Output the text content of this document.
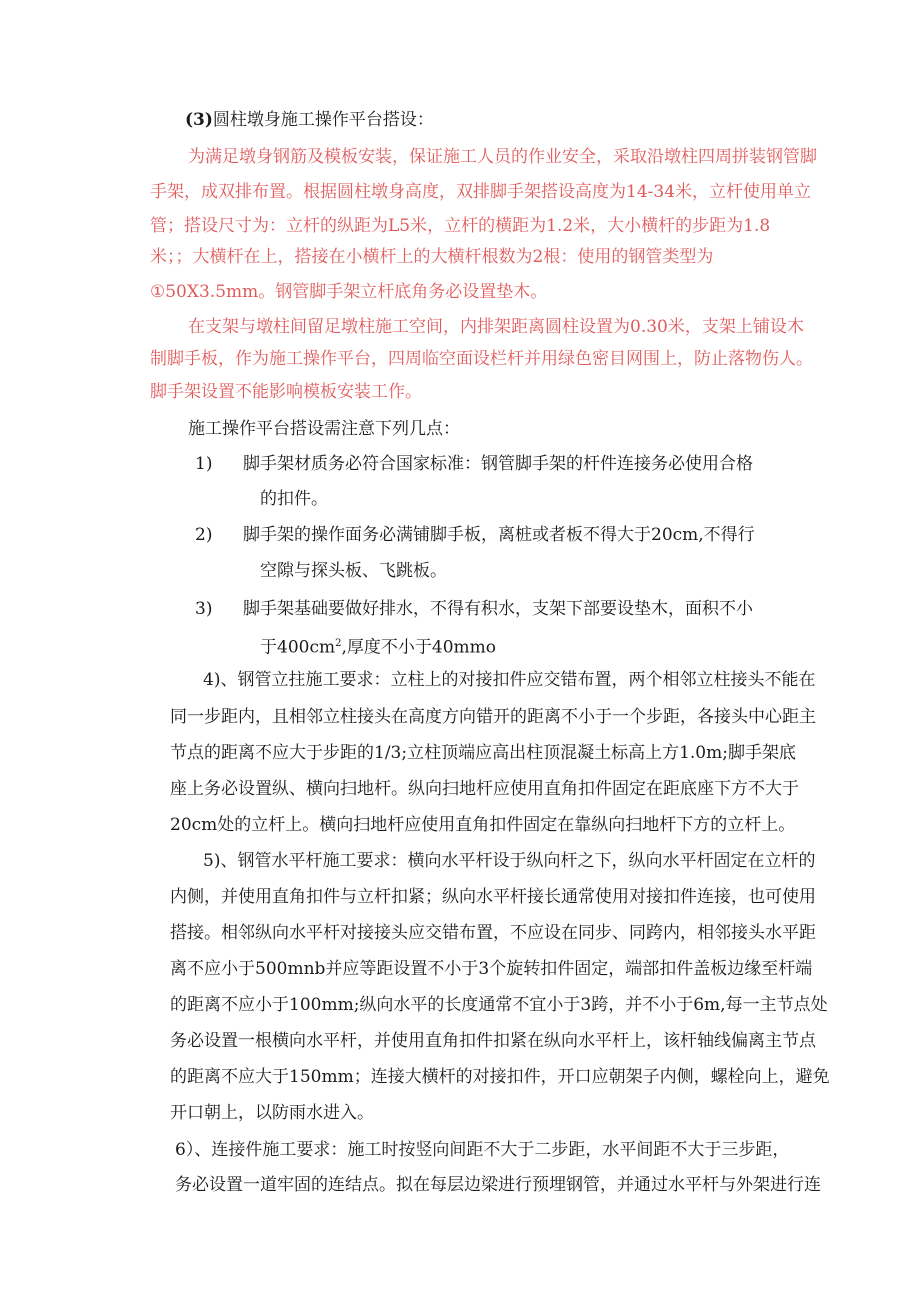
(3)圆柱墩身施工操作平台搭设：
为满足墩身钢筋及模板安装，保证施工人员的作业安全，采取沿墩柱四周拼装钢管脚
手架，成双排布置。根据圆柱墩身高度，双排脚手架搭设高度为14-34米，立杆使用单立
管；搭设尺寸为：立杆的纵距为L5米，立杆的横距为1.2米，大小横杆的步距为1.8
米；；大横杆在上，搭接在小横杆上的大横杆根数为2根：使用的钢管类型为
①50X3.5mm。钢管脚手架立杆底角务必设置垫木。
在支架与墩柱间留足墩柱施工空间，内排架距离圆柱设置为0.30米，支架上铺设木
制脚手板，作为施工操作平台，四周临空面设栏杆并用绿色密目网围上，防止落物伤人。
脚手架设置不能影响模板安装工作。
施工操作平台搭设需注意下列几点：
1) 脚手架材质务必符合国家标准：钢管脚手架的杆件连接务必使用合格
的扣件。
2) 脚手架的操作面务必满铺脚手板，离桩或者板不得大于20cm,不得行
空隙与探头板、飞跳板。
3) 脚手架基础要做好排水，不得有积水，支架下部要设垫木，面积不小
于$400cm^2$,厚度不小于40mmo
4)、钢管立拄施工要求：立柱上的对接扣件应交错布置，两个相邻立柱接头不能在
同一步距内，且相邻立柱接头在高度方向错开的距离不小于一个步距，各接头中心距主
节点的距离不应大于步距的1/3;立柱顶端应高出柱顶混凝土标高上方1.0m;脚手架底
座上务必设置纵、横向扫地杆。纵向扫地杆应使用直角扣件固定在距底座下方不大于
20cm处的立杆上。横向扫地杆应使用直角扣件固定在靠纵向扫地杆下方的立杆上。
5)、钢管水平杆施工要求：横向水平杆设于纵向杆之下，纵向水平杆固定在立杆的
内侧，并使用直角扣件与立杆扣紧；纵向水平杆接长通常使用对接扣件连接，也可使用
搭接。相邻纵向水平杆对接接头应交错布置，不应设在同步、同跨内，相邻接头水平距
离不应小于500mnb并应等距设置不小于3个旋转扣件固定，端部扣件盖板边缘至杆端
的距离不应小于100mm;纵向水平的长度通常不宜小于3跨，并不小于6m,每一主节点处
务必设置一根横向水平杆，并使用直角扣件扣紧在纵向水平杆上，该杆轴线偏离主节点
的距离不应大于150mm；连接大横杆的对接扣件，开口应朝架子内侧，螺栓向上，避免
开口朝上，以防雨水进入。
6）、连接件施工要求：施工时按竖向间距不大于二步距，水平间距不大于三步距，
务必设置一道牢固的连结点。拟在每层边梁进行预埋钢管，并通过水平杆与外架进行连
